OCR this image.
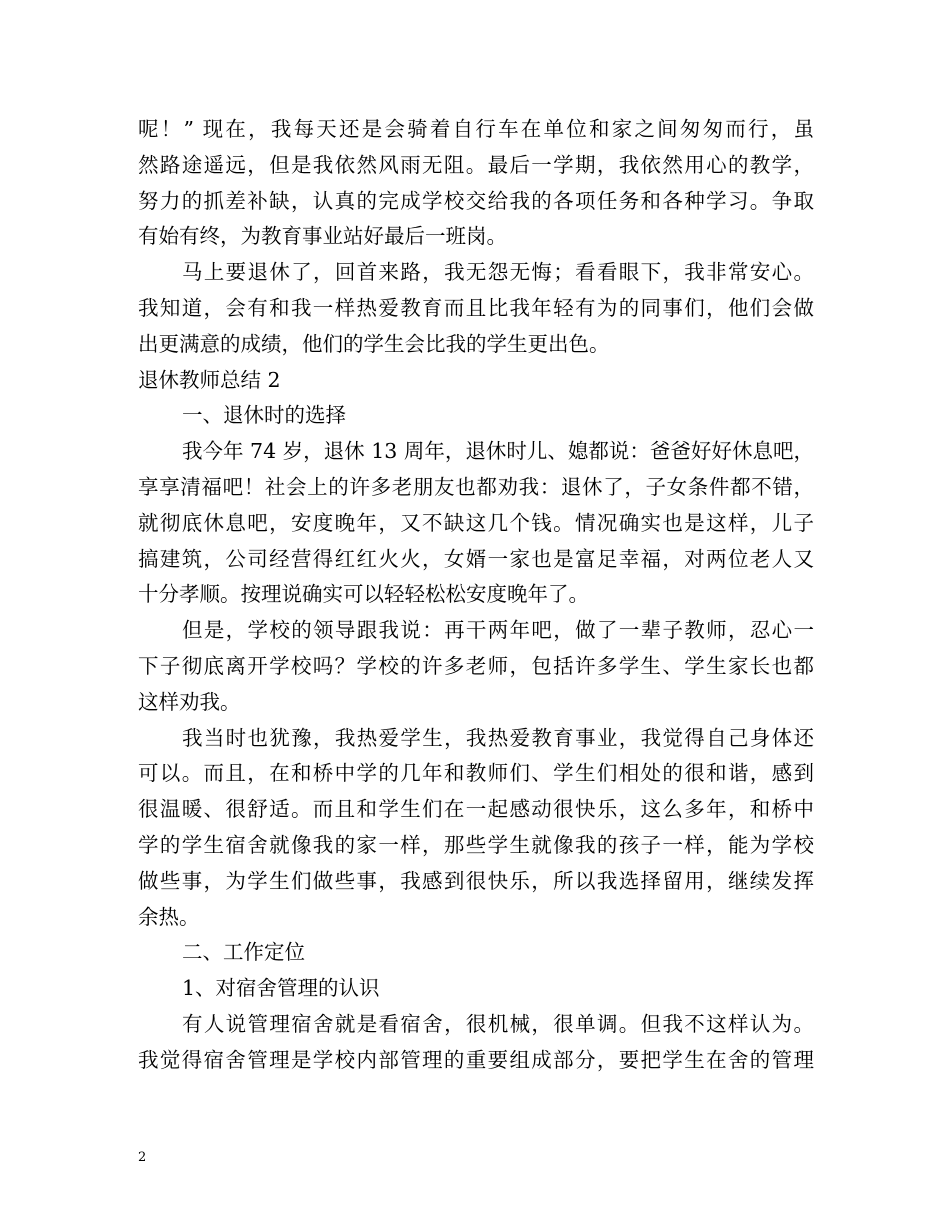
呢！” 现在，我每天还是会骑着自行车在单位和家之间匆匆而行，虽
然路途遥远，但是我依然风雨无阻。最后一学期，我依然用心的教学，
努力的抓差补缺，认真的完成学校交给我的各项任务和各种学习。争取
有始有终，为教育事业站好最后一班岗。
马上要退休了，回首来路，我无怨无悔；看看眼下，我非常安心。
我知道，会有和我一样热爱教育而且比我年轻有为的同事们，他们会做
出更满意的成绩，他们的学生会比我的学生更出色。
退休教师总结 2
一、退休时的选择
我今年 74 岁，退休 13 周年，退休时儿、媳都说：爸爸好好休息吧，
享享清福吧！社会上的许多老朋友也都劝我：退休了，子女条件都不错，
就彻底休息吧，安度晚年，又不缺这几个钱。情况确实也是这样，儿子
搞建筑，公司经营得红红火火，女婿一家也是富足幸福，对两位老人又
十分孝顺。按理说确实可以轻轻松松安度晚年了。
但是，学校的领导跟我说：再干两年吧，做了一辈子教师，忍心一
下子彻底离开学校吗？学校的许多老师，包括许多学生、学生家长也都
这样劝我。
我当时也犹豫，我热爱学生，我热爱教育事业，我觉得自己身体还
可以。而且，在和桥中学的几年和教师们、学生们相处的很和谐，感到
很温暖、很舒适。而且和学生们在一起感动很快乐，这么多年，和桥中
学的学生宿舍就像我的家一样，那些学生就像我的孩子一样，能为学校
做些事，为学生们做些事，我感到很快乐，所以我选择留用，继续发挥
余热。
二、工作定位
1、对宿舍管理的认识
有人说管理宿舍就是看宿舍，很机械，很单调。但我不这样认为。
我觉得宿舍管理是学校内部管理的重要组成部分，要把学生在舍的管理
2
